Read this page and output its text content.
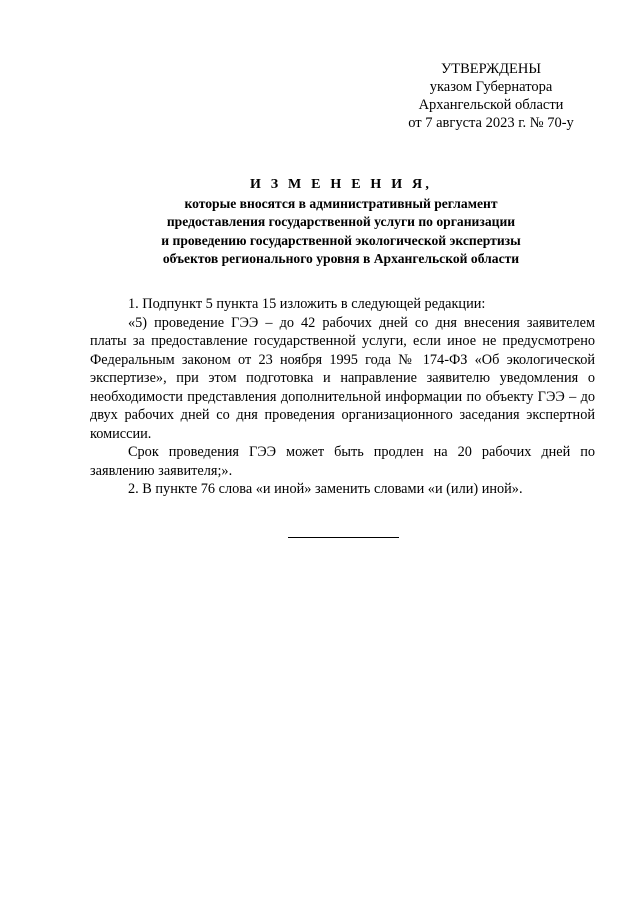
УТВЕРЖДЕНЫ
указом Губернатора
Архангельской области
от 7 августа 2023 г. № 70-у
И З М Е Н Е Н И Я,
которые вносятся в административный регламент
предоставления государственной услуги по организации
и проведению государственной экологической экспертизы
объектов регионального уровня в Архангельской области

1. Подпункт 5 пункта 15 изложить в следующей редакции:

«5) проведение ГЭЭ – до 42 рабочих дней со дня внесения заявителем платы за предоставление государственной услуги, если иное не предусмотрено Федеральным законом от 23 ноября 1995 года № 174-ФЗ «Об экологической экспертизе», при этом подготовка и направление заявителю уведомления о необходимости представления дополнительной информации по объекту ГЭЭ – до двух рабочих дней со дня проведения организационного заседания экспертной комиссии.

Срок проведения ГЭЭ может быть продлен на 20 рабочих дней по заявлению заявителя;».

2. В пункте 76 слова «и иной» заменить словами «и (или) иной».
